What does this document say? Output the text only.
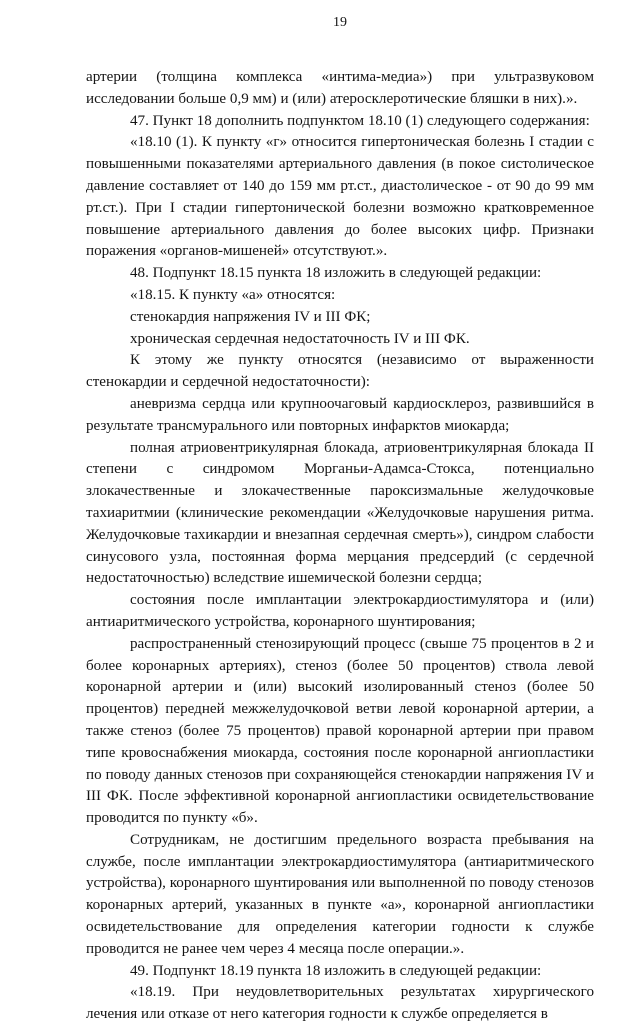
19

артерии (толщина комплекса «интима-медиа») при ультразвуковом исследовании больше 0,9 мм) и (или) атеросклеротические бляшки в них).».

47. Пункт 18 дополнить подпунктом 18.10 (1) следующего содержания:

«18.10 (1). К пункту «г» относится гипертоническая болезнь I стадии с повышенными показателями артериального давления (в покое систолическое давление составляет от 140 до 159 мм рт.ст., диастолическое - от 90 до 99 мм рт.ст.). При I стадии гипертонической болезни возможно кратковременное повышение артериального давления до более высоких цифр. Признаки поражения «органов-мишеней» отсутствуют.».

48. Подпункт 18.15 пункта 18 изложить в следующей редакции:

«18.15. К пункту «а» относятся:

стенокардия напряжения IV и III ФК;

хроническая сердечная недостаточность IV и III ФК.

К этому же пункту относятся (независимо от выраженности стенокардии и сердечной недостаточности):

аневризма сердца или крупноочаговый кардиосклероз, развившийся в результате трансмурального или повторных инфарктов миокарда;

полная атриовентрикулярная блокада, атриовентрикулярная блокада II степени с синдромом Морганьи-Адамса-Стокса, потенциально злокачественные и злокачественные пароксизмальные желудочковые тахиаритмии (клинические рекомендации «Желудочковые нарушения ритма. Желудочковые тахикардии и внезапная сердечная смерть»), синдром слабости синусового узла, постоянная форма мерцания предсердий (с сердечной недостаточностью) вследствие ишемической болезни сердца;

состояния после имплантации электрокардиостимулятора и (или) антиаритмического устройства, коронарного шунтирования;

распространенный стенозирующий процесс (свыше 75 процентов в 2 и более коронарных артериях), стеноз (более 50 процентов) ствола левой коронарной артерии и (или) высокий изолированный стеноз (более 50 процентов) передней межжелудочковой ветви левой коронарной артерии, а также стеноз (более 75 процентов) правой коронарной артерии при правом типе кровоснабжения миокарда, состояния после коронарной ангиопластики по поводу данных стенозов при сохраняющейся стенокардии напряжения IV и III ФК. После эффективной коронарной ангиопластики освидетельствование проводится по пункту «б».

Сотрудникам, не достигшим предельного возраста пребывания на службе, после имплантации электрокардиостимулятора (антиаритмического устройства), коронарного шунтирования или выполненной по поводу стенозов коронарных артерий, указанных в пункте «а», коронарной ангиопластики освидетельствование для определения категории годности к службе проводится не ранее чем через 4 месяца после операции.».

49. Подпункт 18.19 пункта 18 изложить в следующей редакции:

«18.19. При неудовлетворительных результатах хирургического лечения или отказе от него категория годности к службе определяется в
